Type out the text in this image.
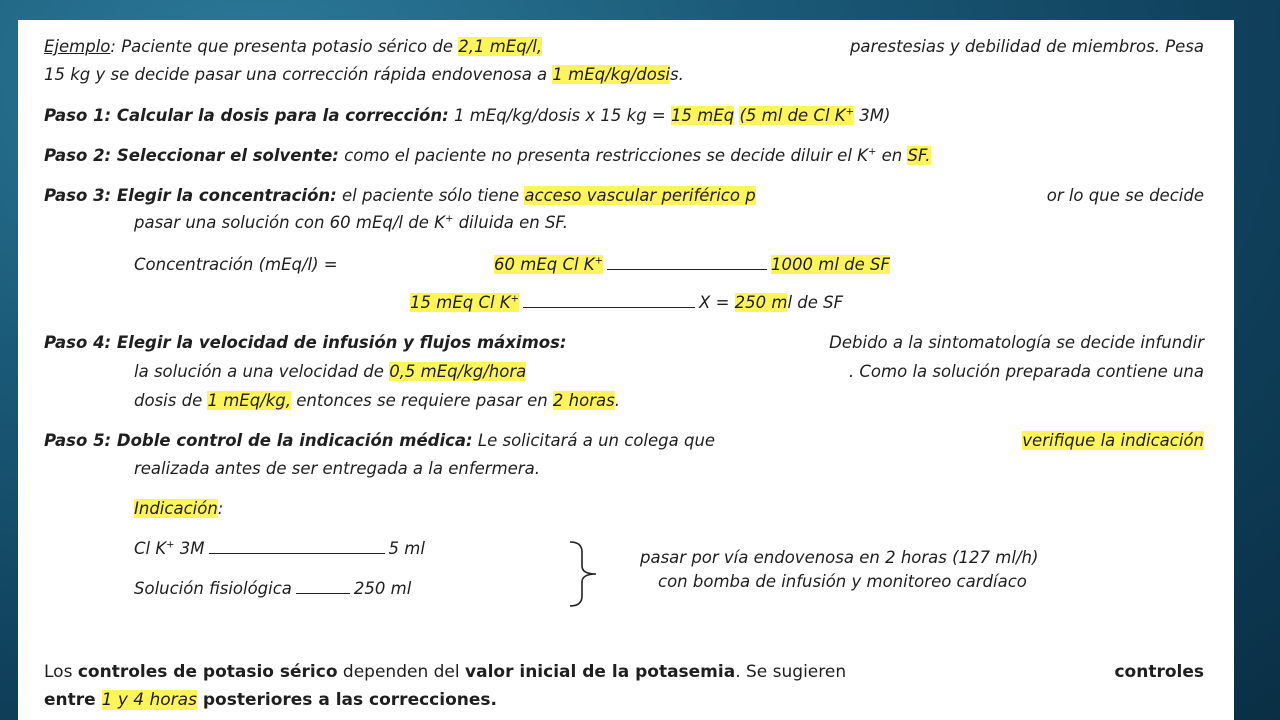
Ejemplo: Paciente que presenta potasio sérico de 2,1 mEq/l,	parestesias y debilidad de miembros. Pesa
15 kg y se decide pasar una corrección rápida endovenosa a 1 mEq/kg/dosis.
Paso 1: Calcular la dosis para la corrección: 1 mEq/kg/dosis x 15 kg = 15 mEq (5 ml de Cl K+ 3M)
Paso 2: Seleccionar el solvente: como el paciente no presenta restricciones se decide diluir el K+ en SF.
Paso 3: Elegir la concentración: el paciente sólo tiene acceso vascular periférico p	or lo que se decide
pasar una solución con 60 mEq/l de K+ diluida en SF.
Concentración (mEq/l) =	60 mEq Cl K+	1000 ml de SF
15 mEq Cl K+	X = 250 ml de SF
Paso 4: Elegir la velocidad de infusión y flujos máximos:	Debido a la sintomatología se decide infundir
la solución a una velocidad de 0,5 mEq/kg/hora	. Como la solución preparada contiene una
dosis de 1 mEq/kg, entonces se requiere pasar en 2 horas.
Paso 5: Doble control de la indicación médica: Le solicitará a un colega que	verifique la indicación
realizada antes de ser entregada a la enfermera.
Indicación:
Cl K+ 3M	5 ml
Solución fisiológica	250 ml
pasar por vía endovenosa en 2 horas (127 ml/h)
con bomba de infusión y monitoreo cardíaco
Los controles de potasio sérico dependen del valor inicial de la potasemia. Se sugieren	controles
entre 1 y 4 horas posteriores a las correcciones.
